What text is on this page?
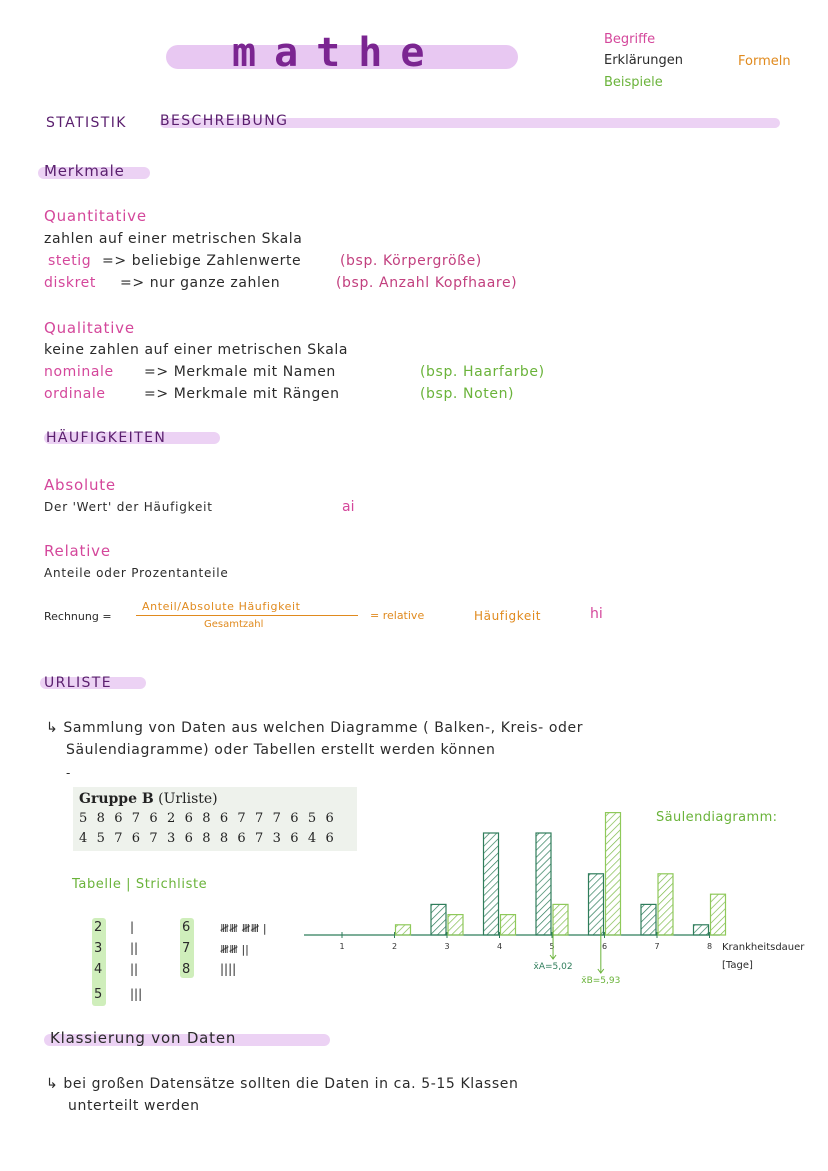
mathe	Begriffe
Erklärungen
Beispiele
Formeln
STATISTIK BESCHREIBUNG
Merkmale
Quantitative
zahlen auf einer metrischen Skala
stetig => beliebige Zahlenwerte	(bsp. Körpergröße)
diskret => nur ganze zahlen	(bsp. Anzahl Kopfhaare)
Qualitative
keine zahlen auf einer metrischen Skala
nominale => Merkmale mit Namen	(bsp. Haarfarbe)
ordinale	=> Merkmale mit Rängen	(bsp. Noten)
HÄUFIGKEITEN
Absolute
Der 'Wert' der Häufigkeit	ai
Relative
Anteile oder Prozentanteile
Rechnung =
Anteil/Absolute Häufigkeit
Gesamtzahl
= relative	Häufigkeit	hi
URLISTE
↳ Sammlung von Daten aus welchen Diagramme ( Balken-, Kreis- oder
Säulendiagramme) oder Tabellen erstellt werden können
-
Gruppe B (Urliste)
5 8 6 7 6 2 6 8 6 7 7 7 6 5 6
4 5 7 6 7 3 6 8 8 6 7 3 6 4 6
Tabelle | Strichliste
2 |
3 ||
4 ||
5 |||
6	𝍸𝍸 𝍸𝍸 |
7	𝍸𝍸 ||
8 ||||
Säulendiagramm:
1	2	3	4	5	6	7	8
x̄A=5,02
x̄B=5,93
Krankheitsdauer
[Tage]
Klassierung von Daten
↳ bei großen Datensätze sollten die Daten in ca. 5-15 Klassen
unterteilt werden
